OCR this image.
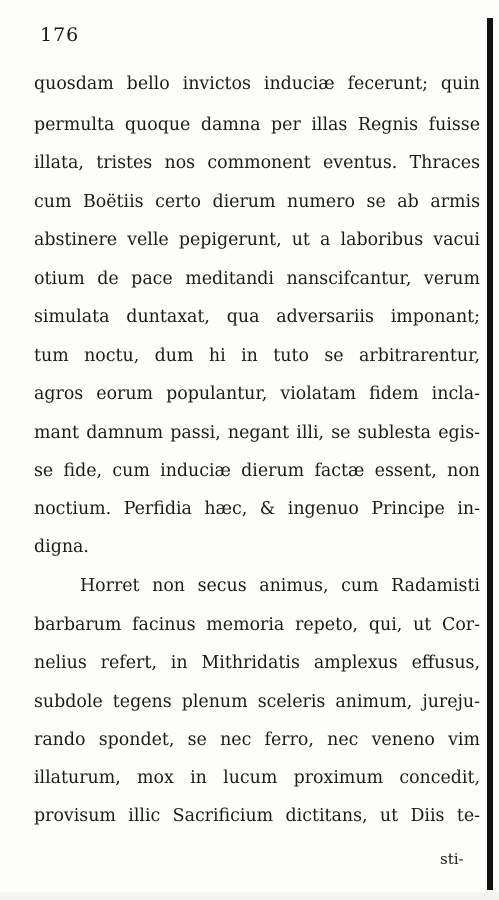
176
quosdam bello invictos induciæ fecerunt; quin
permulta quoque damna per illas Regnis fuisse
illata, tristes nos commonent eventus. Thraces
cum Boëtiis certo dierum numero se ab armis
abstinere velle pepigerunt, ut a laboribus vacui
otium de pace meditandi nanscifcantur, verum
simulata duntaxat, qua adversariis imponant;
tum noctu, dum hi in tuto se arbitrarentur,
agros eorum populantur, violatam fidem incla-
mant damnum passi, negant illi, se sublesta egis-
se fide, cum induciæ dierum factæ essent, non
noctium. Perfidia hæc, & ingenuo Principe in-
digna.
Horret non secus animus, cum Radamisti
barbarum facinus memoria repeto, qui, ut Cor-
nelius refert, in Mithridatis amplexus effusus,
subdole tegens plenum sceleris animum, jureju-
rando spondet, se nec ferro, nec veneno vim
illaturum, mox in lucum proximum concedit,
provisum illic Sacrificium dictitans, ut Diis te-
sti-
